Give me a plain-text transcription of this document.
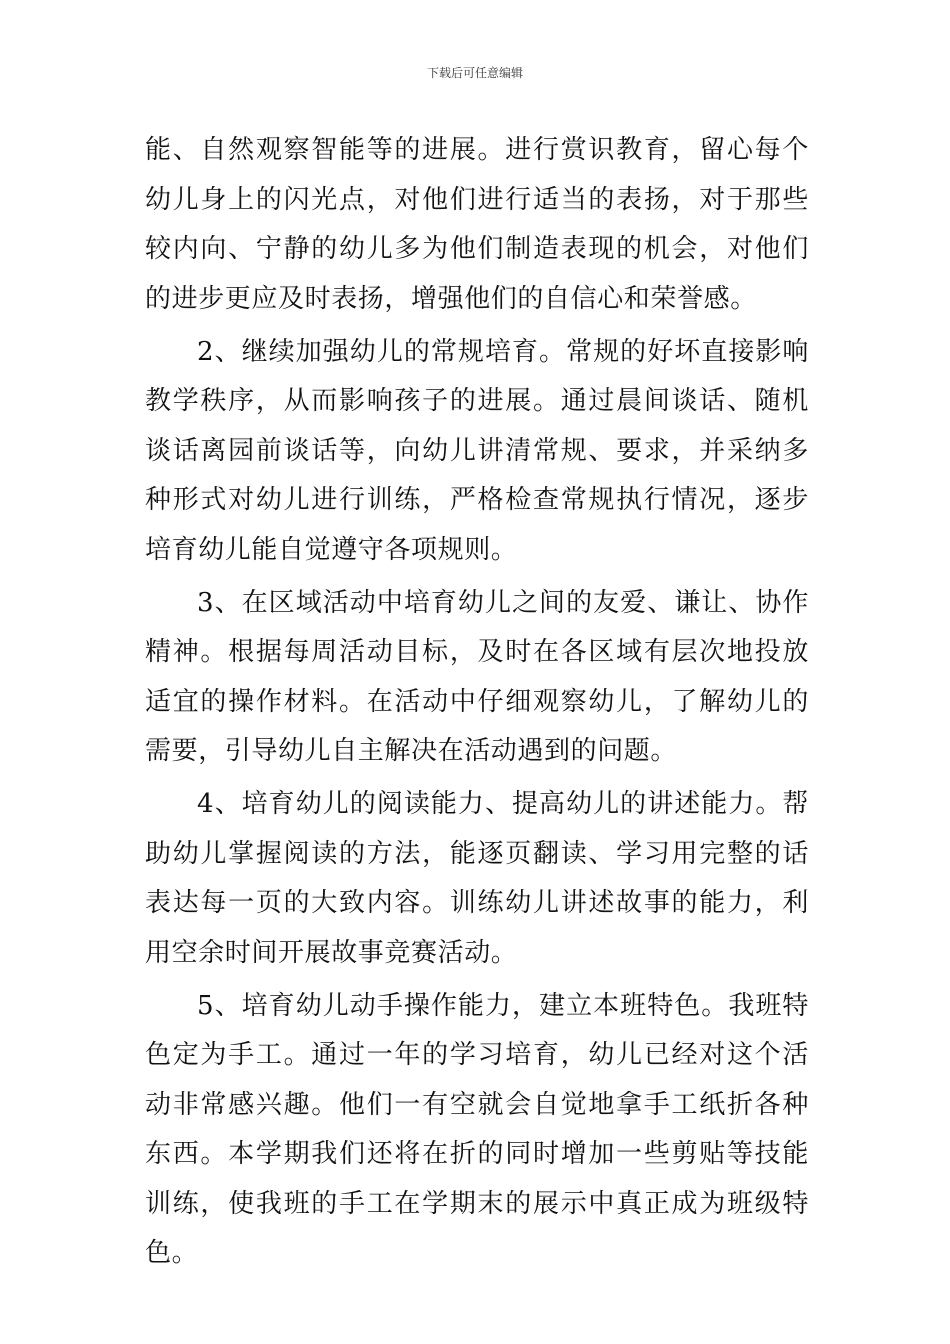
下载后可任意编辑

能、自然观察智能等的进展。进行赏识教育，留心每个幼儿身上的闪光点，对他们进行适当的表扬，对于那些较内向、宁静的幼儿多为他们制造表现的机会，对他们的进步更应及时表扬，增强他们的自信心和荣誉感。

2、继续加强幼儿的常规培育。常规的好坏直接影响教学秩序，从而影响孩子的进展。通过晨间谈话、随机谈话离园前谈话等，向幼儿讲清常规、要求，并采纳多种形式对幼儿进行训练，严格检查常规执行情况，逐步培育幼儿能自觉遵守各项规则。

3、在区域活动中培育幼儿之间的友爱、谦让、协作精神。根据每周活动目标，及时在各区域有层次地投放适宜的操作材料。在活动中仔细观察幼儿，了解幼儿的需要，引导幼儿自主解决在活动遇到的问题。

4、培育幼儿的阅读能力、提高幼儿的讲述能力。帮助幼儿掌握阅读的方法，能逐页翻读、学习用完整的话表达每一页的大致内容。训练幼儿讲述故事的能力，利用空余时间开展故事竞赛活动。

5、培育幼儿动手操作能力，建立本班特色。我班特色定为手工。通过一年的学习培育，幼儿已经对这个活动非常感兴趣。他们一有空就会自觉地拿手工纸折各种东西。本学期我们还将在折的同时增加一些剪贴等技能训练，使我班的手工在学期末的展示中真正成为班级特色。
